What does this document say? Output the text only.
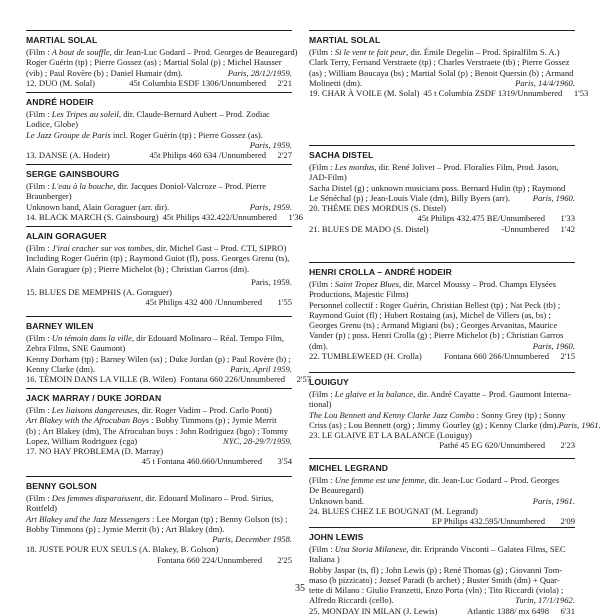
MARTIAL SOLAL
(Film : A bout de souffle, dir Jean-Luc Godard – Prod. Georges de Beauregard)
Roger Guérin (tp) ; Pierre Gossez (as) ; Martial Solal (p) ; Michel Hausser
(vib) ; Paul Rovère (b) ; Daniel Humair (dm).	Paris, 28/12/1959.
12. DUO (M. Solal)	45t Columbia ESDF 1306/Unnumbered	2'21
ANDRÉ HODEIR
(Film : Les Tripes au soleil, dir. Claude-Bernard Aubert – Prod. Zodiac
Lodice, Globe)
Le Jazz Groupe de Paris incl. Roger Guérin (tp) ; Pierre Gossez (as).
Paris, 1959.
13. DANSE (A. Hodeir)	45t Philips 460 634 /Unnumbered	2'27
SERGE GAINSBOURG
(Film : L'eau à la bouche, dir. Jacques Doniol-Valcroze – Prod. Pierre
Braunberger)
Unknown band, Alain Goraguer (arr. dir).	Paris, 1959.
14. BLACK MARCH (S. Gainsbourg) 45t Philips 432.422/Unnumbered	1'36
ALAIN GORAGUER
(Film : J'irai cracher sur vos tombes, dir. Michel Gast – Prod. CTI, SIPRO)
Including Roger Guérin (tp) ; Raymond Guiot (fl), poss. Georges Grenu (ts),
Alain Goraguer (p) ; Pierre Michelot (b) ; Christian Garros (dm).
Paris, 1959.
15. BLUES DE MEMPHIS (A. Goraguer)
45t Philips 432 400 /Unnumbered	1'55
BARNEY WILEN
(Film : Un témoin dans la ville, dir Edouard Molinaro – Réal. Tempo Film,
Zebra Films, SNE Gaumont)
Kenny Dorham (tp) ; Barney Wilen (ss) ; Duke Jordan (p) ; Paul Rovère (b) ;
Kenny Clarke (dm).	Paris, April 1959.
16. TÉMOIN DANS LA VILLE (B. Wilen) Fontana 660 226/Unnumbered	2'57
JACK MARRAY / DUKE JORDAN
(Film : Les liaisons dangereuses, dir. Roger Vadim – Prod. Carlo Ponti)
Art Blakey with the Afrocuban Boys : Bobby Timmons (p) ; Jymie Merrit
(b) ; Art Blakey (dm), The Afrocuban boys : John Rodriguez (bgo) ; Tommy
Lopez, William Rodriguez (cga)	NYC, 28-29/7/1959.
17. NO HAY PROBLEMA (D. Marray)
45 t Fontana 460.660/Unnumbered	3'54
BENNY GOLSON
(Film : Des femmes disparaissent, dir. Edouard Molinaro – Prod. Sirius,
Roitfeld)
Art Blakey and the Jazz Messengers : Lee Morgan (tp) ; Benny Golson (ts) ;
Bobby Timmons (p) ; Jymie Merrit (b) ; Art Blakey (dm).
Paris, December 1958.
18. JUSTE POUR EUX SEULS (A. Blakey, B. Golson)
Fontana 660 224/Unnumbered	2'25
MARTIAL SOLAL
(Film : Si le vent te fait peur, dir. Émile Degelin – Prod. Spiralfilm S. A.)
Clark Terry, Fernand Verstraete (tp) ; Charles Verstraete (tb) ; Pierre Gossez
(as) ; William Boucaya (bs) ; Martial Solal (p) ; Benoit Quersin (b) ; Armand
Molinetti (dm).	Paris, 14/4/1960.
19. CHAR À VOILE (M. Solal) 45 t Columbia ZSDF 1319/Unnumbered	1'53
SACHA DISTEL
(Film : Les mordus, dir. René Jolivet – Prod. Floralies Film, Prod. Jason,
JAD-Film)
Sacha Distel (g) ; unknown musicians poss. Bernard Hulin (tp) ; Raymond
Le Sénéchal (p) ; Jean-Louis Viale (dm), Billy Byers (arr).	Paris, 1960.
20. THÈME DES MORDUS (S. Distel)
45t Philips 432.475 BE/Unnumbered	1'33
21. BLUES DE MADO (S. Distel)	-Unnumbered	1'42
HENRI CROLLA – ANDRÉ HODEIR
(Film : Saint Tropez Blues, dir. Marcel Moussy – Prod. Champs Elysées
Productions, Majestic Films)
Personnel collectif : Roger Guérin, Christian Bellest (tp) ; Nat Peck (tb) ;
Raymond Guiot (fl) ; Hubert Rostaing (as), Michel de Villers (as, bs) ;
Georges Grenu (ts) ; Armand Migiani (bs) ; Georges Arvanitas, Maurice
Vander (p) ; poss. Henri Crolla (g) ; Pierre Michelot (b) ; Christian Garros
(dm).	Paris, 1960.
22. TUMBLEWEED (H. Crolla)	Fontana 660 266/Unnumbered	2'15
LOUIGUY
(Film : Le glaive et la balance, dir. André Cayatte – Prod. Gaumont Interna-
tional)
The Lou Bennett and Kenny Clarke Jazz Combo : Sonny Grey (tp) ; Sonny
Criss (as) ; Lou Bennett (org) ; Jimmy Gourley (g) ; Kenny Clarke (dm). Paris, 1961.
23. LE GLAIVE ET LA BALANCE (Louiguy)
Pathé 45 EG 620/Unnumbered	2'23
MICHEL LEGRAND
(Film : Une femme est une femme, dir. Jean-Luc Godard – Prod. Georges
De Beauregard)
Unknown band.	Paris, 1961.
24. BLUES CHEZ LE BOUGNAT (M. Legrand)
EP Philips 432.595/Unnumbered	2'09
JOHN LEWIS
(Film : Una Storia Milanese, dir. Eriprando Visconti – Galatea Films, SEC
Italiana )
Bobby Jaspar (ts, fl) ; John Lewis (p) ; René Thomas (g) ; Giovanni Tom-
maso (b pizzicato) ; Jozsef Paradi (b archet) ; Buster Smith (dm) + Quar-
tette di Milano : Giulio Franzetti, Enzo Porta (vln) ; Tito Riccardi (viola) ;
Alfredo Riccardi (cello).	Turin, 17/1/1962.
25. MONDAY IN MILAN (J. Lewis)	Atlantic 1388/ mx 6498	6'31
35
